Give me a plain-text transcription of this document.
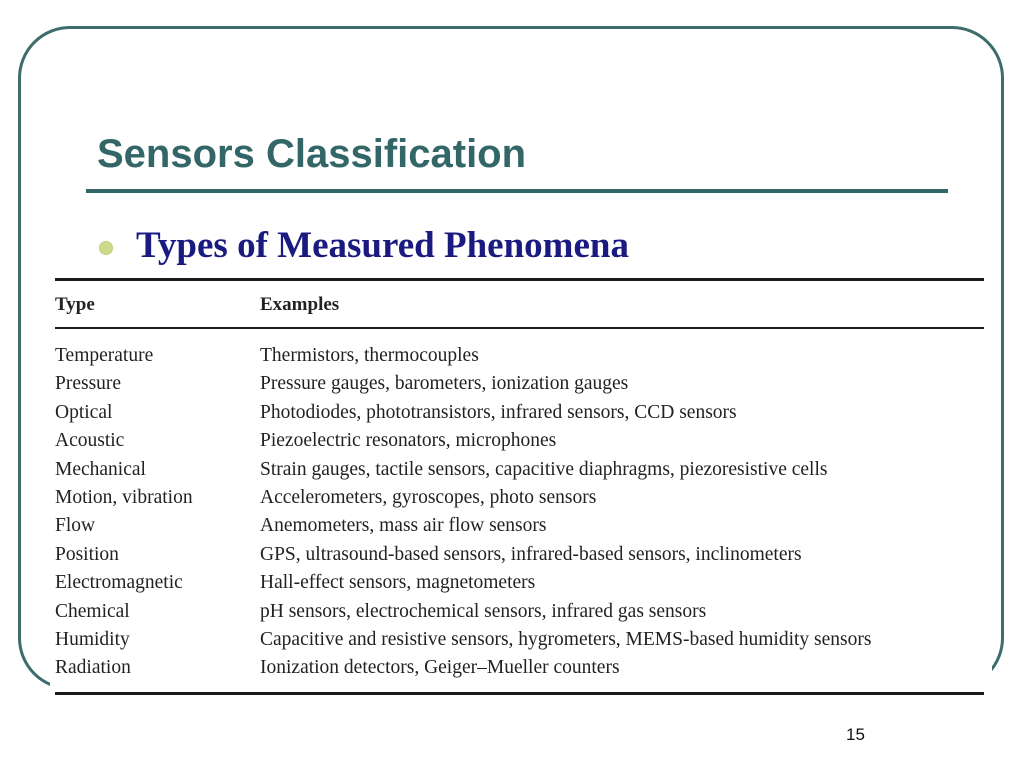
Sensors Classification

Types of Measured Phenomena

Type	Examples
Temperature	Thermistors, thermocouples
Pressure	Pressure gauges, barometers, ionization gauges
Optical	Photodiodes, phototransistors, infrared sensors, CCD sensors
Acoustic	Piezoelectric resonators, microphones
Mechanical	Strain gauges, tactile sensors, capacitive diaphragms, piezoresistive cells
Motion, vibration	Accelerometers, gyroscopes, photo sensors
Flow	Anemometers, mass air flow sensors
Position	GPS, ultrasound-based sensors, infrared-based sensors, inclinometers
Electromagnetic	Hall-effect sensors, magnetometers
Chemical	pH sensors, electrochemical sensors, infrared gas sensors
Humidity	Capacitive and resistive sensors, hygrometers, MEMS-based humidity sensors
Radiation	Ionization detectors, Geiger–Mueller counters
15
